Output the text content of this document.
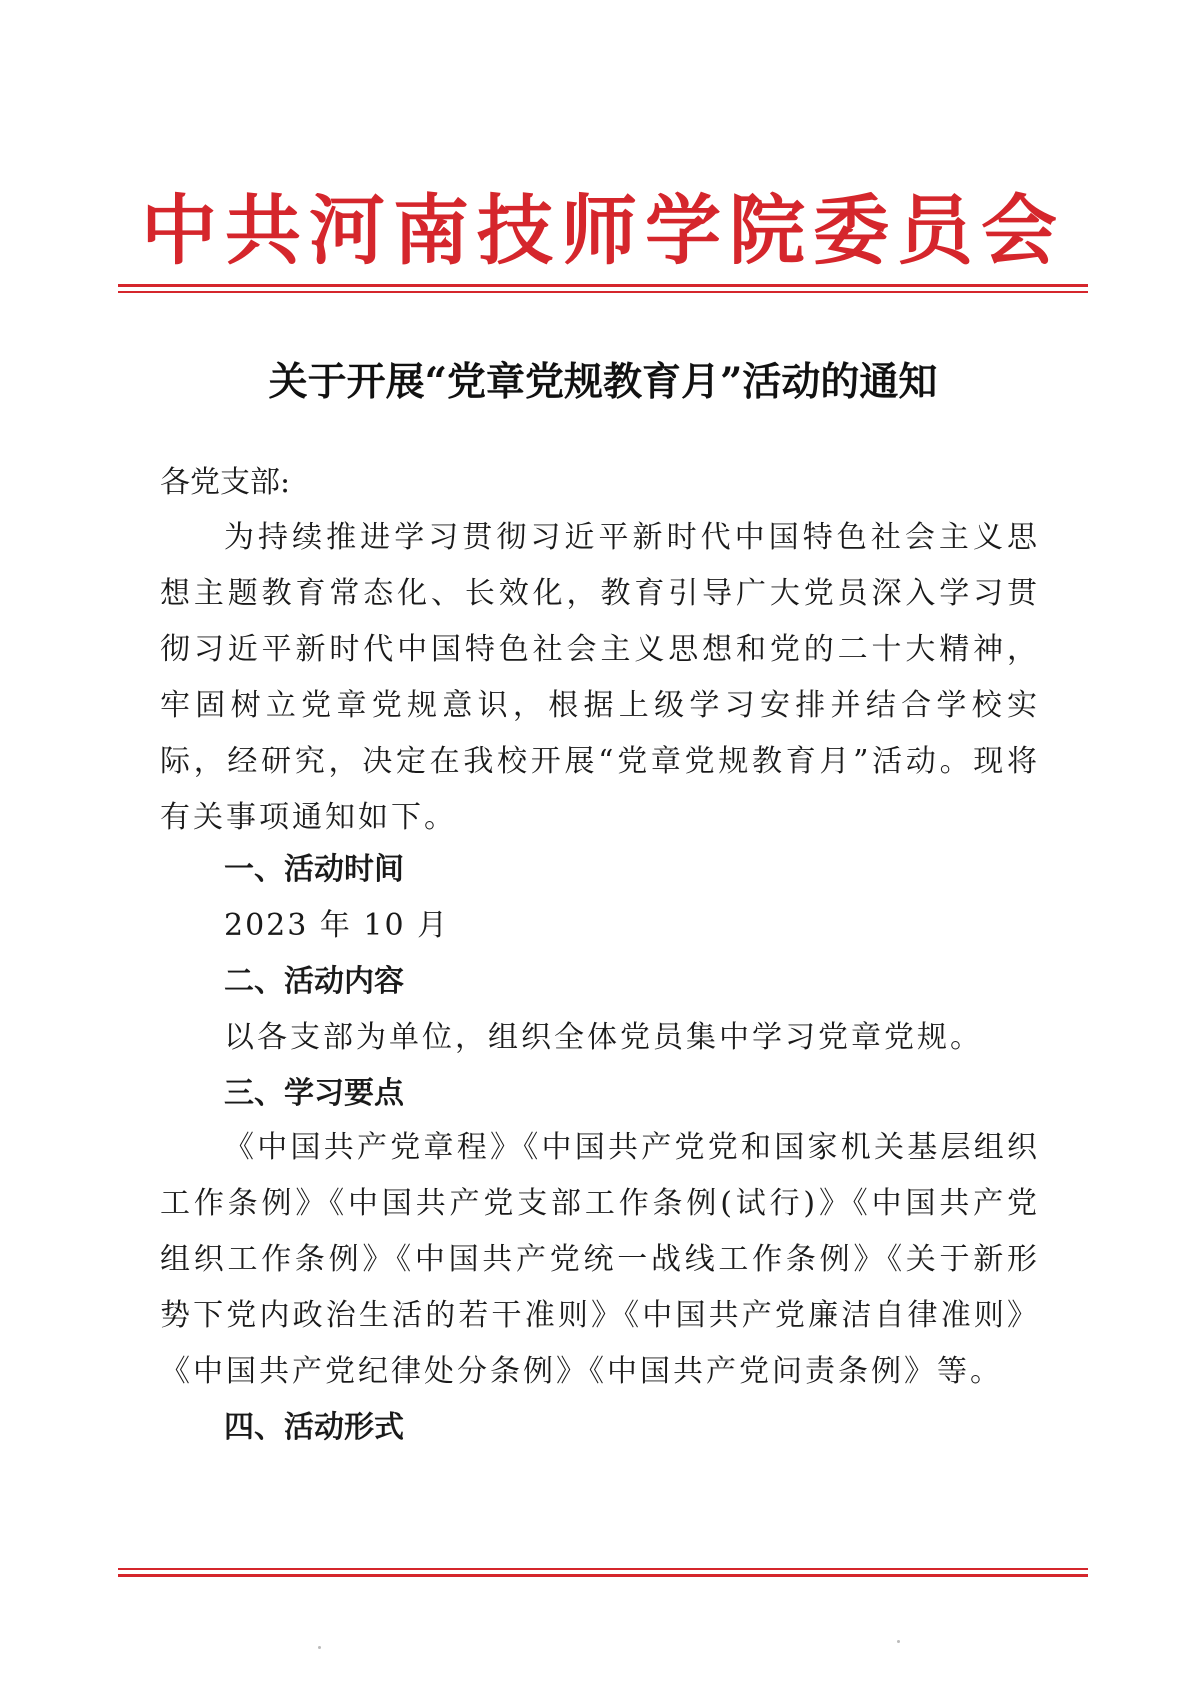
中共河南技师学院委员会
关于开展“党章党规教育月”活动的通知
各党支部:
为持续推进学习贯彻习近平新时代中国特色社会主义思想主题教育常态化、长效化，教育引导广大党员深入学习贯彻习近平新时代中国特色社会主义思想和党的二十大精神，牢固树立党章党规意识，根据上级学习安排并结合学校实际，经研究，决定在我校开展“党章党规教育月”活动。现将有关事项通知如下。
一、活动时间
2023 年 10 月
二、活动内容
以各支部为单位，组织全体党员集中学习党章党规。
三、学习要点
《中国共产党章程》《中国共产党党和国家机关基层组织工作条例》《中国共产党支部工作条例(试行)》《中国共产党组织工作条例》《中国共产党统一战线工作条例》《关于新形势下党内政治生活的若干准则》《中国共产党廉洁自律准则》《中国共产党纪律处分条例》《中国共产党问责条例》等。
四、活动形式
